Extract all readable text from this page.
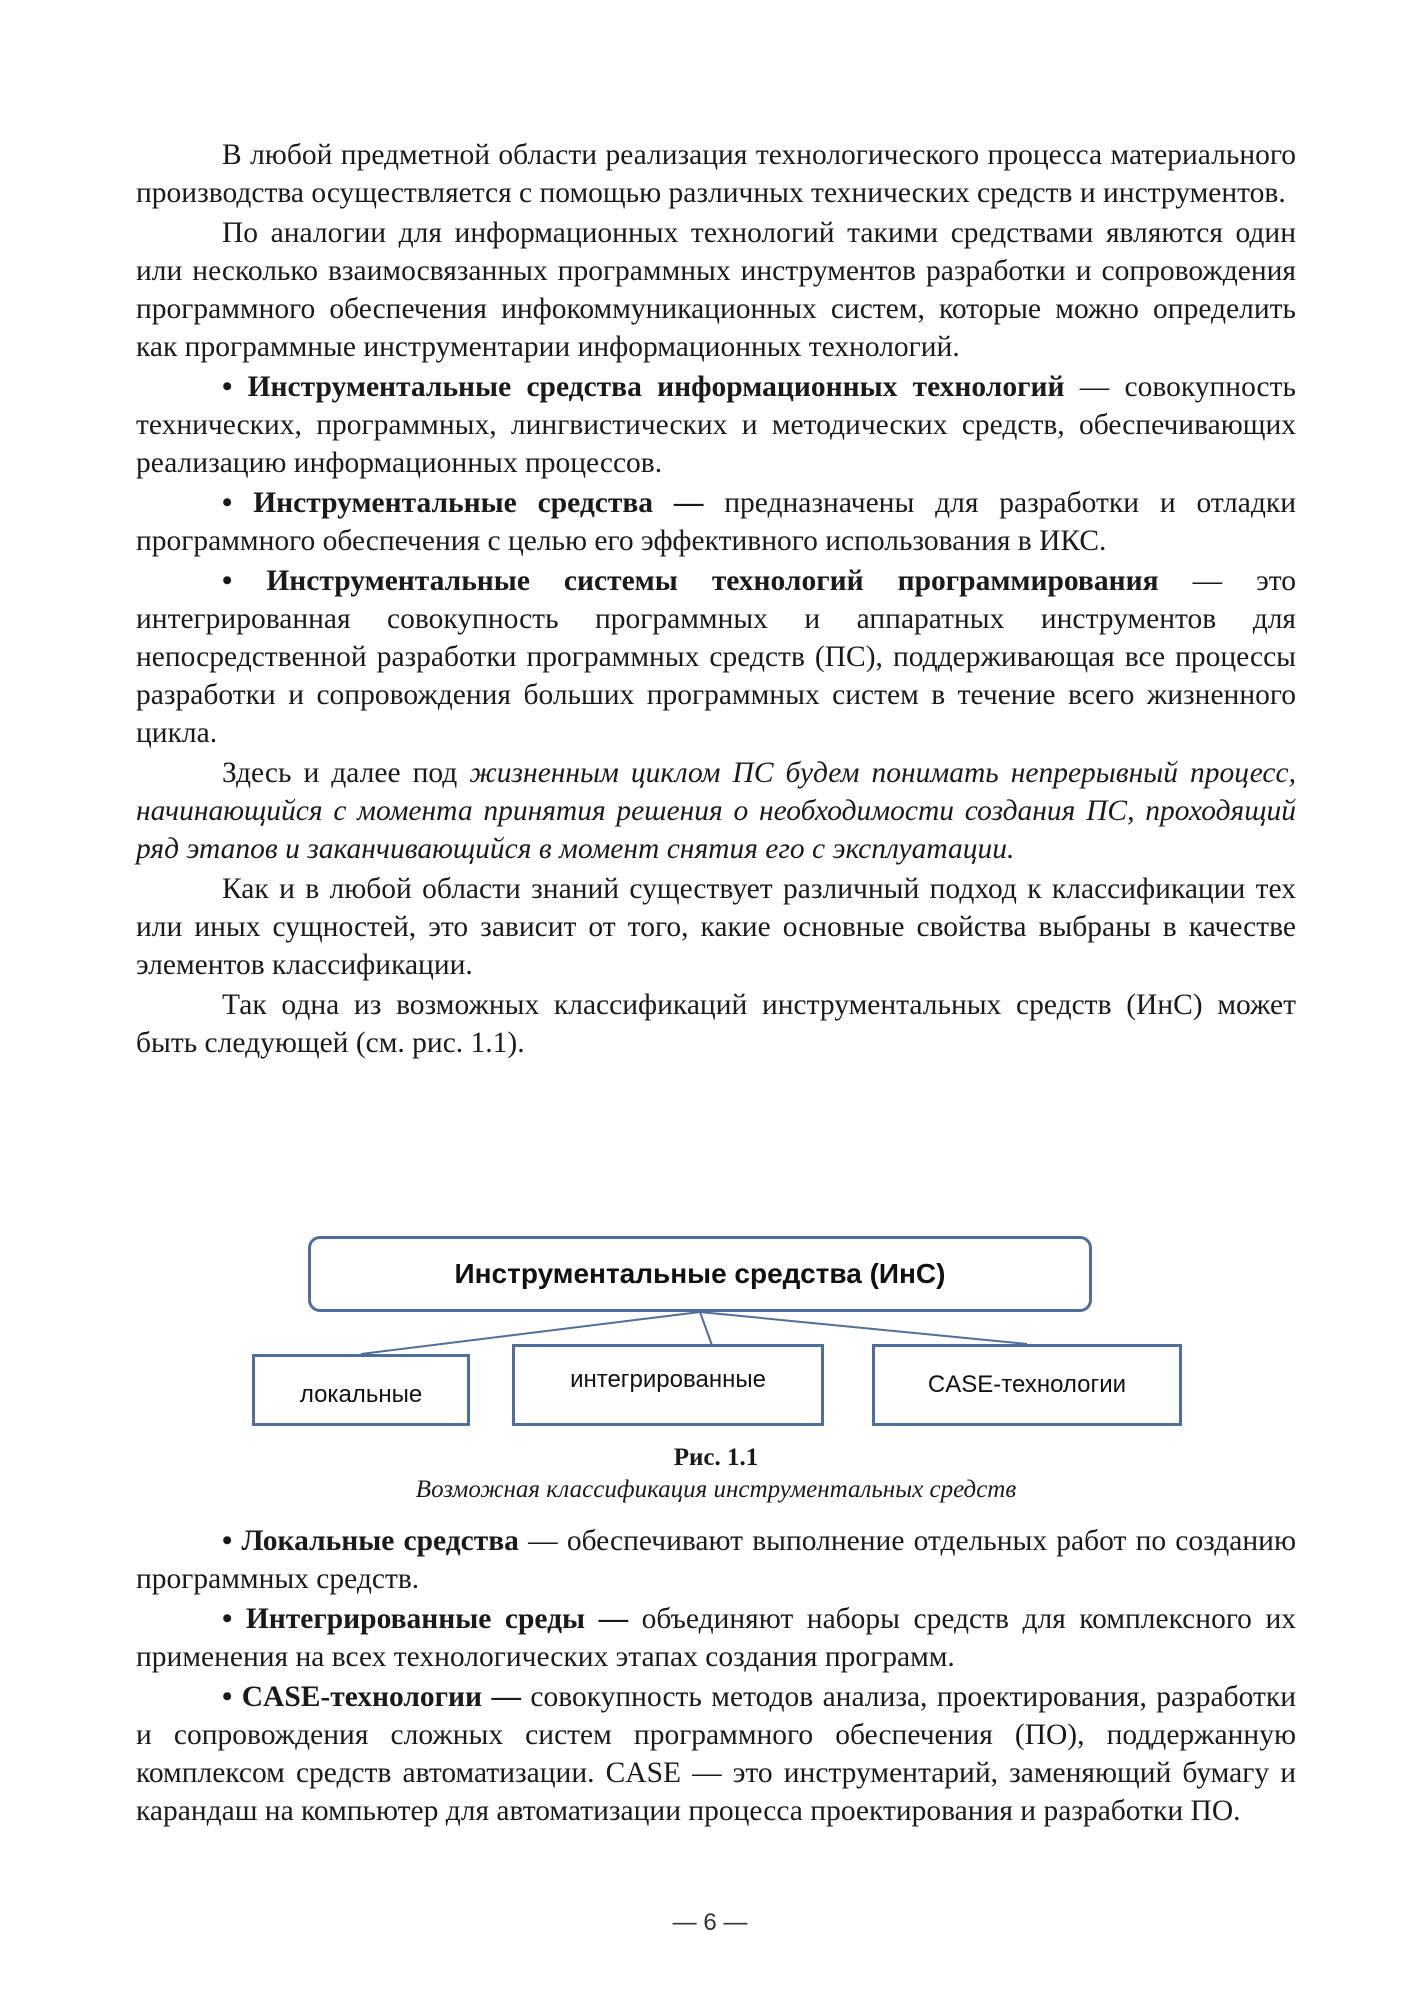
В любой предметной области реализация технологического процесса материального производства осуществляется с помощью различных технических средств и инструментов.

По аналогии для информационных технологий такими средствами являются один или несколько взаимосвязанных программных инструментов разработки и сопровождения программного обеспечения инфокоммуникационных систем, которые можно определить как программные инструментарии информационных технологий.

• Инструментальные средства информационных технологий — совокупность технических, программных, лингвистических и методических средств, обеспечивающих реализацию информационных процессов.

• Инструментальные средства — предназначены для разработки и отладки программного обеспечения с целью его эффективного использования в ИКС.

• Инструментальные системы технологий программирования — это интегрированная совокупность программных и аппаратных инструментов для непосредственной разработки программных средств (ПС), поддерживающая все процессы разработки и сопровождения больших программных систем в течение всего жизненного цикла.

Здесь и далее под жизненным циклом ПС будем понимать непрерывный процесс, начинающийся с момента принятия решения о необходимости создания ПС, проходящий ряд этапов и заканчивающийся в момент снятия его с эксплуатации.

Как и в любой области знаний существует различный подход к классификации тех или иных сущностей, это зависит от того, какие основные свойства выбраны в качестве элементов классификации.

Так одна из возможных классификаций инструментальных средств (ИнС) может быть следующей (см. рис. 1.1).

Инструментальные средства (ИнС)
локальные
интегрированные	CASE-технологии
Рис. 1.1
Возможная классификация инструментальных средств

• Локальные средства — обеспечивают выполнение отдельных работ по созданию программных средств.

• Интегрированные среды — объединяют наборы средств для комплексного их применения на всех технологических этапах создания программ.

• CASE-технологии — совокупность методов анализа, проектирования, разработки и сопровождения сложных систем программного обеспечения (ПО), поддержанную комплексом средств автоматизации. CASE — это инструментарий, заменяющий бумагу и карандаш на компьютер для автоматизации процесса проектирования и разработки ПО.

— 6 —
